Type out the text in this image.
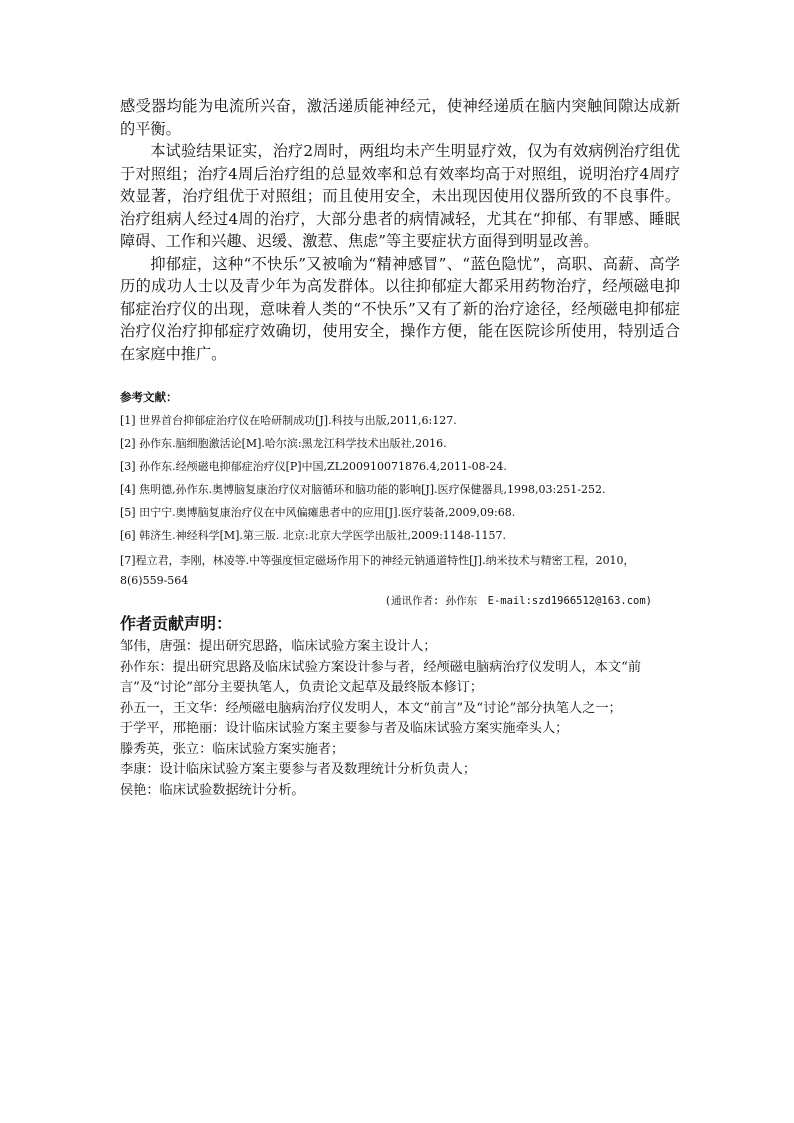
感受器均能为电流所兴奋，激活递质能神经元，使神经递质在脑内突触间隙达成新的平衡。

本试验结果证实，治疗2周时，两组均未产生明显疗效，仅为有效病例治疗组优于对照组；治疗4周后治疗组的总显效率和总有效率均高于对照组，说明治疗4周疗效显著，治疗组优于对照组；而且使用安全，未出现因使用仪器所致的不良事件。治疗组病人经过4周的治疗，大部分患者的病情减轻，尤其在“抑郁、有罪感、睡眠障碍、工作和兴趣、迟缓、激惹、焦虑”等主要症状方面得到明显改善。

抑郁症，这种“不快乐”又被喻为“精神感冒”、“蓝色隐忧”，高职、高薪、高学历的成功人士以及青少年为高发群体。以往抑郁症大都采用药物治疗，经颅磁电抑郁症治疗仪的出现，意味着人类的“不快乐”又有了新的治疗途径，经颅磁电抑郁症治疗仪治疗抑郁症疗效确切，使用安全，操作方便，能在医院诊所使用，特别适合在家庭中推广。

参考文献：

[1] 世界首台抑郁症治疗仪在哈研制成功[J].科技与出版,2011,6:127.

[2] 孙作东.脑细胞激活论[M].哈尔滨:黑龙江科学技术出版社,2016.

[3] 孙作东.经颅磁电抑郁症治疗仪[P]中国,ZL200910071876.4,2011-08-24.

[4] 焦明德,孙作东.奥博脑复康治疗仪对脑循环和脑功能的影响[J].医疗保健器具,1998,03:251-252.

[5] 田宁宁.奥博脑复康治疗仪在中风偏瘫患者中的应用[J].医疗装备,2009,09:68.

[6] 韩济生.神经科学[M].第三版. 北京:北京大学医学出版社,2009:1148-1157.

[7]程立君，李刚，林凌等.中等强度恒定磁场作用下的神经元钠通道特性[J].纳米技术与精密工程，2010，8(6)559-564

(通讯作者: 孙作东　E-mail:szd1966512@163.com)

作者贡献声明：

邹伟，唐强：提出研究思路，临床试验方案主设计人；

孙作东：提出研究思路及临床试验方案设计参与者，经颅磁电脑病治疗仪发明人，本文“前言”及“讨论”部分主要执笔人，负责论文起草及最终版本修订；

孙五一，王文华：经颅磁电脑病治疗仪发明人，本文“前言”及“讨论”部分执笔人之一；

于学平，邢艳丽：设计临床试验方案主要参与者及临床试验方案实施牵头人；

滕秀英，张立：临床试验方案实施者；

李康：设计临床试验方案主要参与者及数理统计分析负责人；

侯艳：临床试验数据统计分析。
